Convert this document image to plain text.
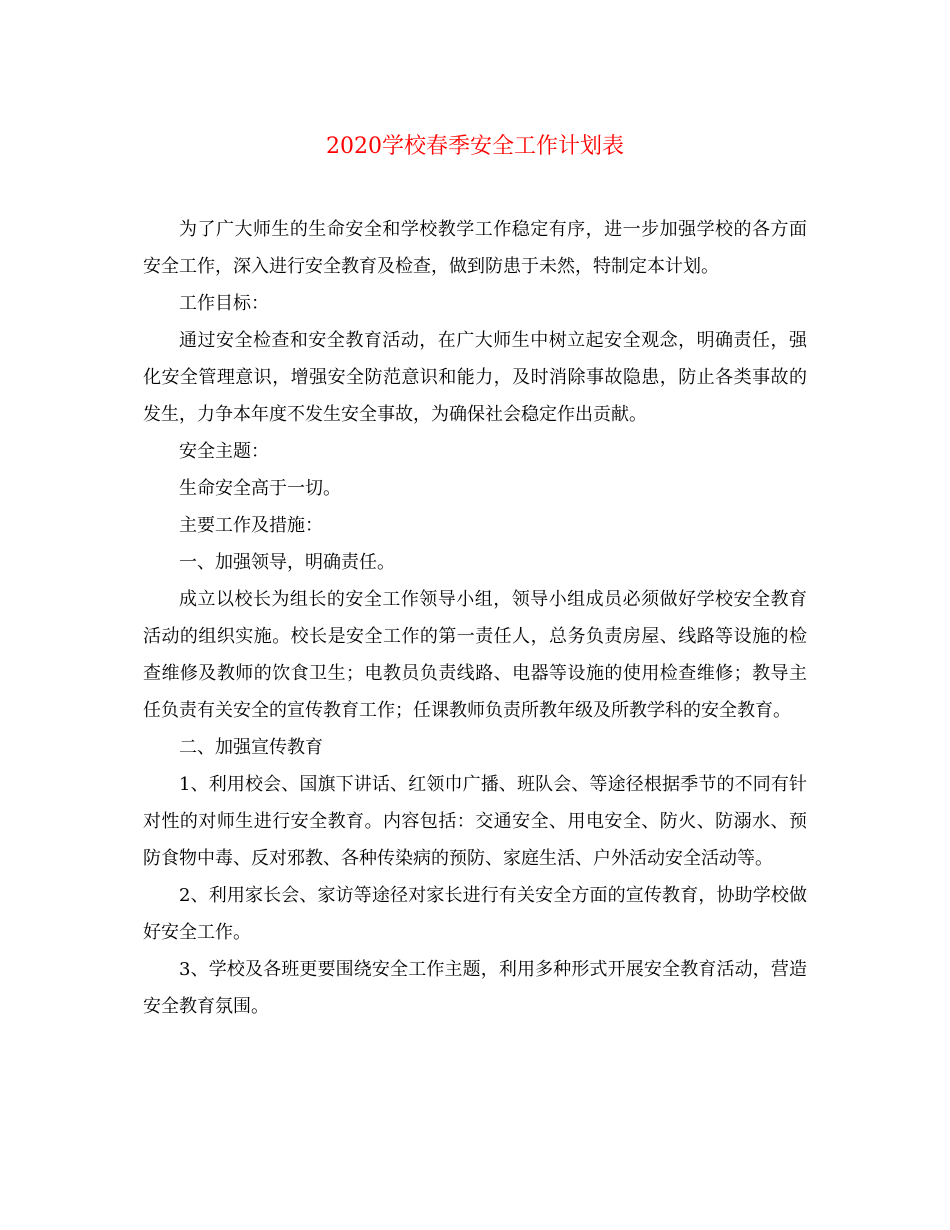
2020学校春季安全工作计划表

为了广大师生的生命安全和学校教学工作稳定有序，进一步加强学校的各方面安全工作，深入进行安全教育及检查，做到防患于未然，特制定本计划。

工作目标：

通过安全检查和安全教育活动，在广大师生中树立起安全观念，明确责任，强化安全管理意识，增强安全防范意识和能力，及时消除事故隐患，防止各类事故的发生，力争本年度不发生安全事故，为确保社会稳定作出贡献。

安全主题：

生命安全高于一切。

主要工作及措施：

一、加强领导，明确责任。

成立以校长为组长的安全工作领导小组，领导小组成员必须做好学校安全教育活动的组织实施。校长是安全工作的第一责任人，总务负责房屋、线路等设施的检查维修及教师的饮食卫生；电教员负责线路、电器等设施的使用检查维修；教导主任负责有关安全的宣传教育工作；任课教师负责所教年级及所教学科的安全教育。

二、加强宣传教育

1、利用校会、国旗下讲话、红领巾广播、班队会、等途径根据季节的不同有针对性的对师生进行安全教育。内容包括：交通安全、用电安全、防火、防溺水、预防食物中毒、反对邪教、各种传染病的预防、家庭生活、户外活动安全活动等。

2、利用家长会、家访等途径对家长进行有关安全方面的宣传教育，协助学校做好安全工作。

3、学校及各班更要围绕安全工作主题，利用多种形式开展安全教育活动，营造安全教育氛围。
